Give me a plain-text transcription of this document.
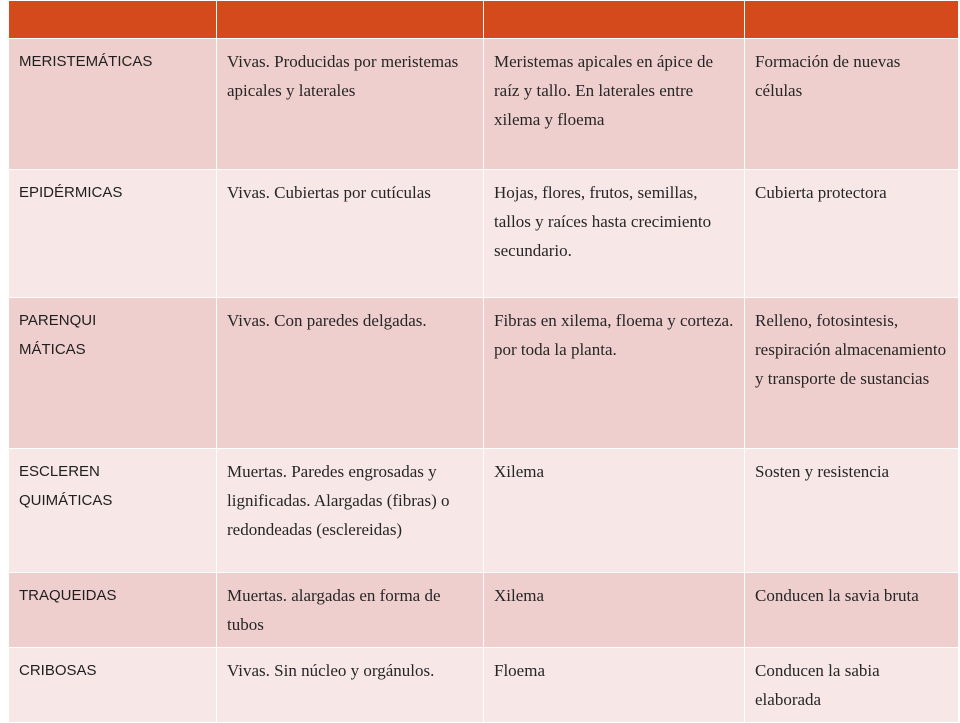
MERISTEMÁTICAS	Vivas. Producidas por meristemas apicales y laterales	Meristemas apicales en ápice de raíz y tallo. En laterales entre xilema y floema	Formación de nuevas células

EPIDÉRMICAS	Vivas. Cubiertas por cutículas	Hojas, flores, frutos, semillas, tallos y raíces hasta crecimiento secundario.	Cubierta protectora

PARENQUI
MÁTICAS	Vivas. Con paredes delgadas.	Fibras en xilema, floema y corteza. por toda la planta.	Relleno, fotosintesis, respiración almacenamiento y transporte de sustancias

ESCLEREN
QUIMÁTICAS	Muertas. Paredes engrosadas y lignificadas. Alargadas (fibras) o redondeadas (esclereidas)	Xilema	Sosten y resistencia

TRAQUEIDAS	Muertas. alargadas en forma de tubos	Xilema	Conducen la savia bruta

CRIBOSAS	Vivas. Sin núcleo y orgánulos.	Floema	Conducen la sabia elaborada
